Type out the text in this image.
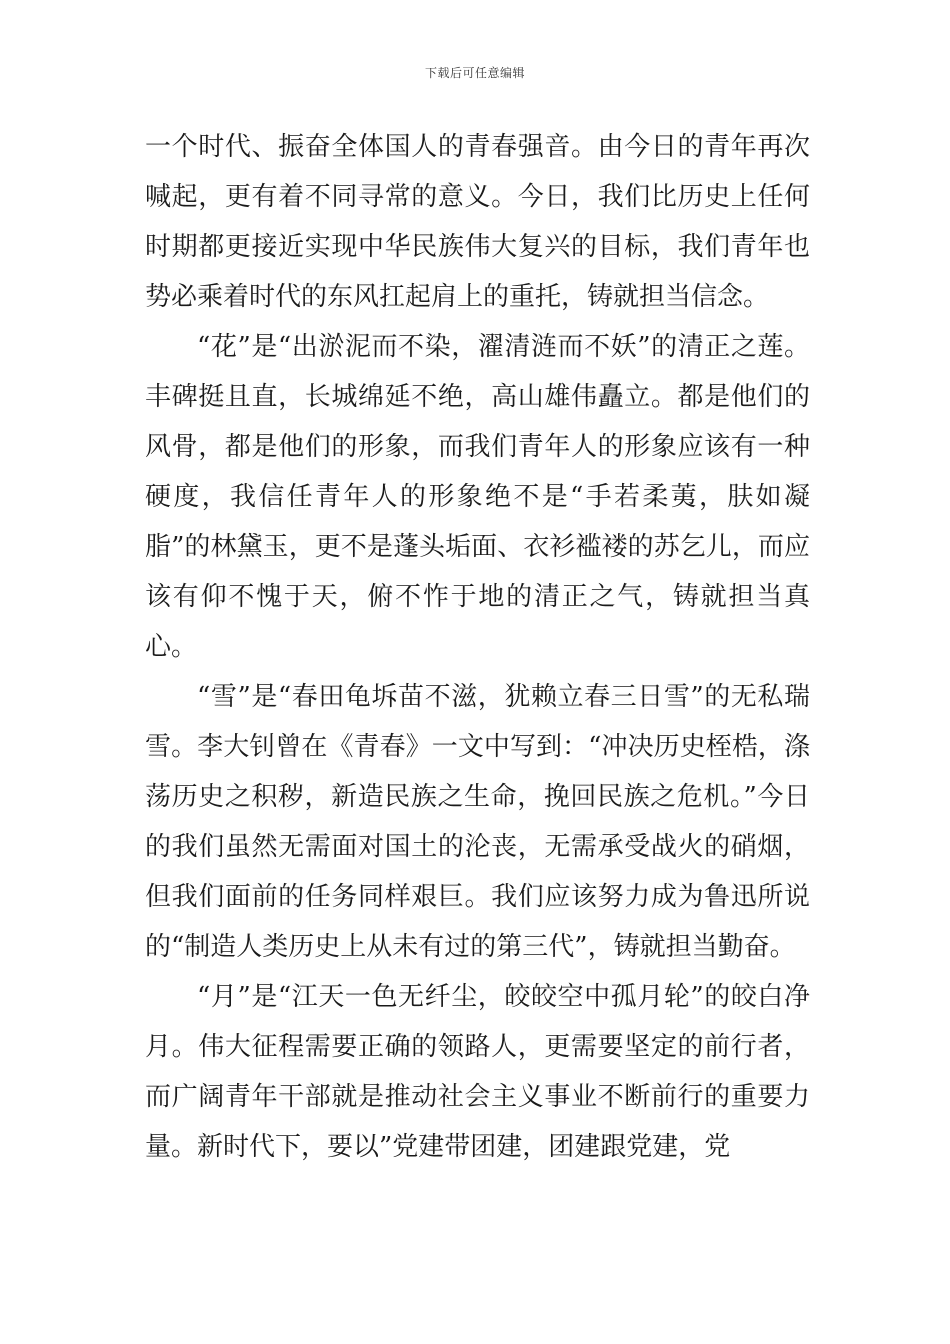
下载后可任意编辑

一个时代、振奋全体国人的青春强音。由今日的青年再次喊起，更有着不同寻常的意义。今日，我们比历史上任何时期都更接近实现中华民族伟大复兴的目标，我们青年也势必乘着时代的东风扛起肩上的重托，铸就担当信念。

“花”是“出淤泥而不染，濯清涟而不妖”的清正之莲。丰碑挺且直，长城绵延不绝，高山雄伟矗立。都是他们的风骨，都是他们的形象，而我们青年人的形象应该有一种硬度，我信任青年人的形象绝不是“手若柔荑，肤如凝脂”的林黛玉，更不是蓬头垢面、衣衫褴褛的苏乞儿，而应该有仰不愧于天，俯不怍于地的清正之气，铸就担当真心。

“雪”是“春田龟坼苗不滋，犹赖立春三日雪”的无私瑞雪。李大钊曾在《青春》一文中写到：“冲决历史桎梏，涤荡历史之积秽，新造民族之生命，挽回民族之危机。”今日的我们虽然无需面对国土的沦丧，无需承受战火的硝烟，但我们面前的任务同样艰巨。我们应该努力成为鲁迅所说的“制造人类历史上从未有过的第三代”，铸就担当勤奋。

“月”是“江天一色无纤尘，皎皎空中孤月轮”的皎白净月。伟大征程需要正确的领路人，更需要坚定的前行者，而广阔青年干部就是推动社会主义事业不断前行的重要力量。新时代下，要以”党建带团建，团建跟党建，党
